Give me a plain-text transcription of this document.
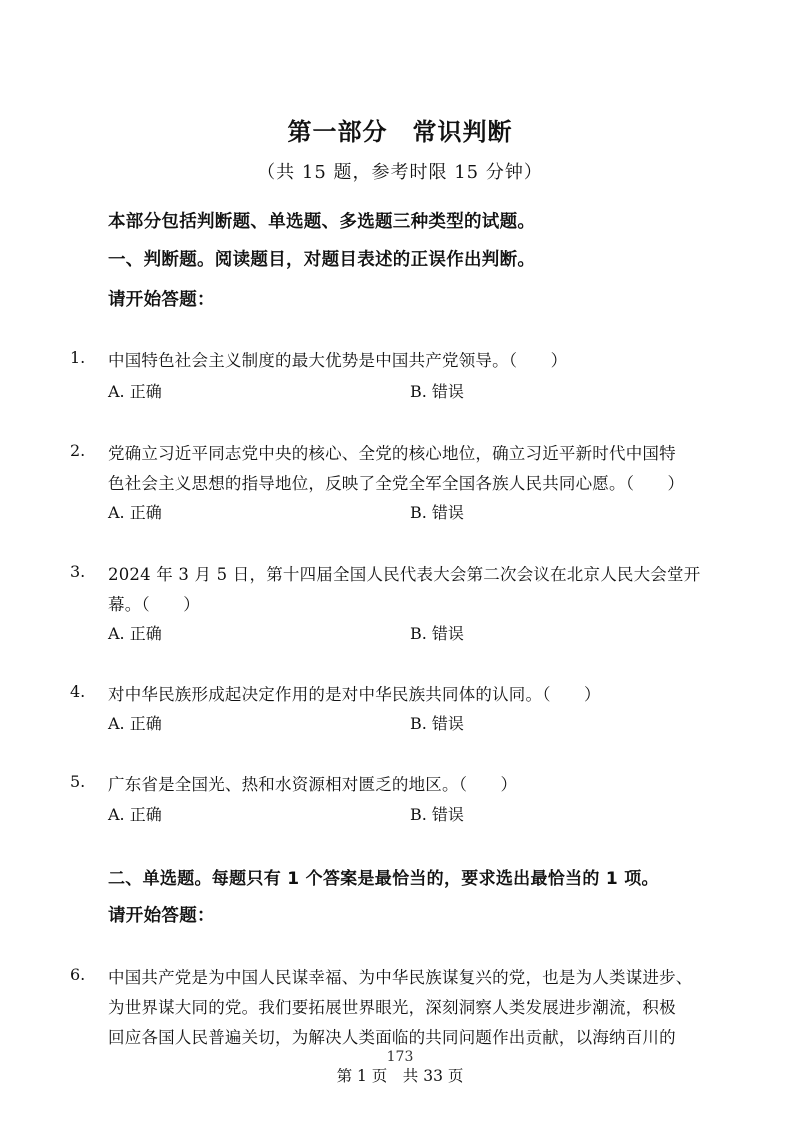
第一部分　常识判断
（共 15 题，参考时限 15 分钟）
本部分包括判断题、单选题、多选题三种类型的试题。
一、判断题。阅读题目，对题目表述的正误作出判断。
请开始答题：
1. 中国特色社会主义制度的最大优势是中国共产党领导。（　　）
A. 正确	B. 错误
2. 党确立习近平同志党中央的核心、全党的核心地位，确立习近平新时代中国特
色社会主义思想的指导地位，反映了全党全军全国各族人民共同心愿。（　　）
A. 正确	B. 错误
3. 2024 年 3 月 5 日，第十四届全国人民代表大会第二次会议在北京人民大会堂开
幕。（　　）
A. 正确	B. 错误
4. 对中华民族形成起决定作用的是对中华民族共同体的认同。（　　）
A. 正确	B. 错误
5. 广东省是全国光、热和水资源相对匮乏的地区。（　　）
A. 正确	B. 错误
二、单选题。每题只有 1 个答案是最恰当的，要求选出最恰当的 1 项。
请开始答题：
6. 中国共产党是为中国人民谋幸福、为中华民族谋复兴的党，也是为人类谋进步、
为世界谋大同的党。我们要拓展世界眼光，深刻洞察人类发展进步潮流，积极
回应各国人民普遍关切，为解决人类面临的共同问题作出贡献，以海纳百川的
173
第 1 页　共 33 页
